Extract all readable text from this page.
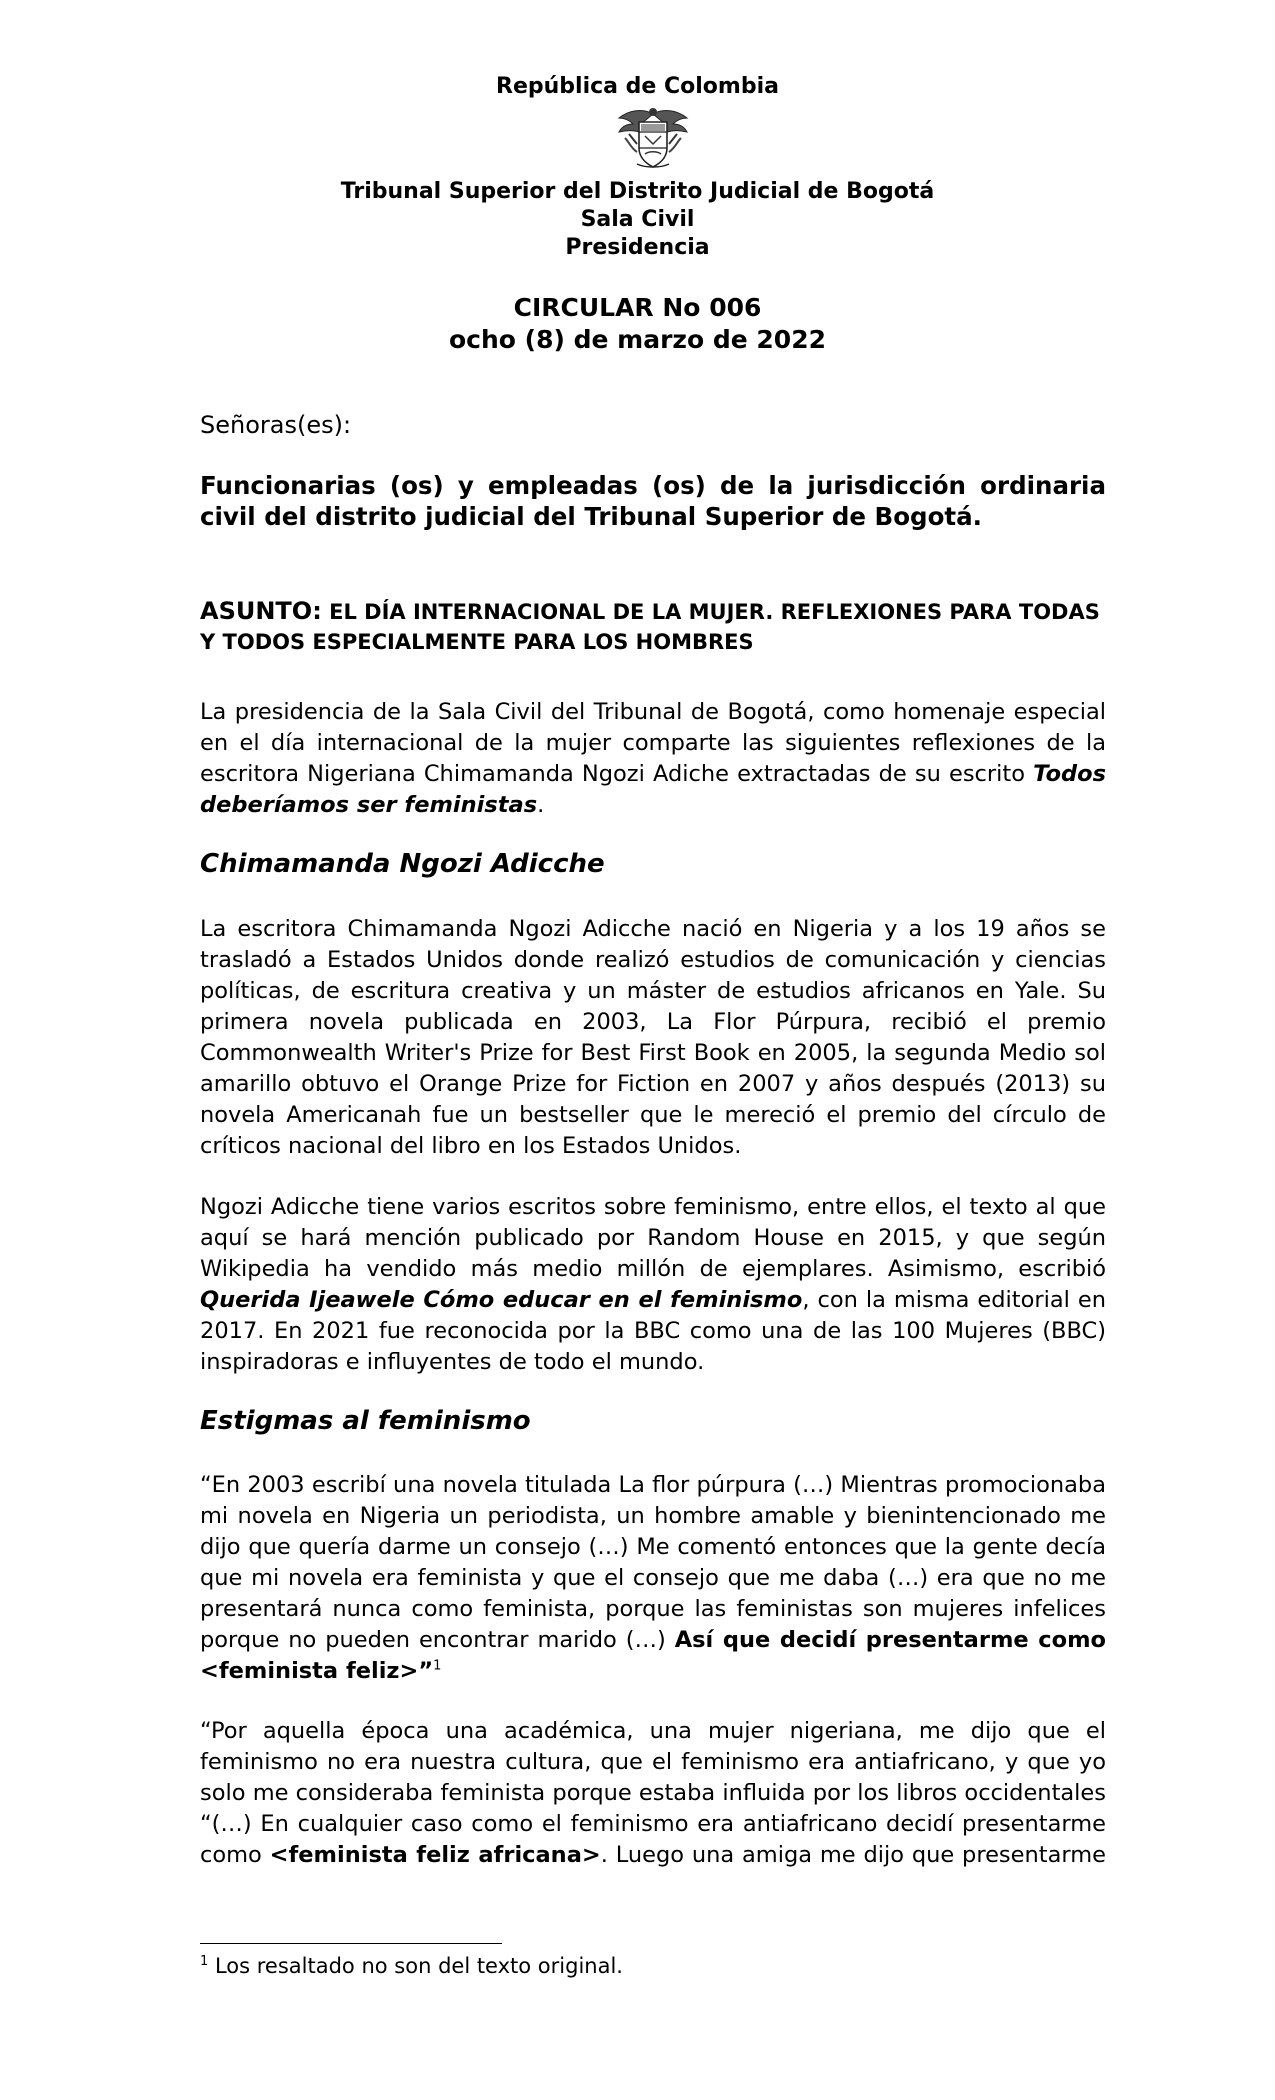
República de Colombia
Tribunal Superior del Distrito Judicial de Bogotá
Sala Civil
Presidencia
CIRCULAR No 006
ocho (8) de marzo de 2022
Señoras(es):
Funcionarias (os) y empleadas (os) de la jurisdicción ordinaria civil del distrito judicial del Tribunal Superior de Bogotá.
ASUNTO: EL DÍA INTERNACIONAL DE LA MUJER. REFLEXIONES PARA TODAS Y TODOS ESPECIALMENTE PARA LOS HOMBRES
La presidencia de la Sala Civil del Tribunal de Bogotá, como homenaje especial en el día internacional de la mujer comparte las siguientes reflexiones de la escritora Nigeriana Chimamanda Ngozi Adiche extractadas de su escrito Todos deberíamos ser feministas.
Chimamanda Ngozi Adicche
La escritora Chimamanda Ngozi Adicche nació en Nigeria y a los 19 años se trasladó a Estados Unidos donde realizó estudios de comunicación y ciencias políticas, de escritura creativa y un máster de estudios africanos en Yale. Su primera novela publicada en 2003, La Flor Púrpura, recibió el premio Commonwealth Writer's Prize for Best First Book en 2005, la segunda Medio sol amarillo obtuvo el Orange Prize for Fiction en 2007 y años después (2013) su novela Americanah fue un bestseller que le mereció el premio del círculo de críticos nacional del libro en los Estados Unidos.
Ngozi Adicche tiene varios escritos sobre feminismo, entre ellos, el texto al que aquí se hará mención publicado por Random House en 2015, y que según Wikipedia ha vendido más medio millón de ejemplares. Asimismo, escribió Querida Ijeawele Cómo educar en el feminismo, con la misma editorial en 2017. En 2021 fue reconocida por la BBC como una de las 100 Mujeres (BBC) inspiradoras e influyentes de todo el mundo.
Estigmas al feminismo
“En 2003 escribí una novela titulada La flor púrpura (…) Mientras promocionaba mi novela en Nigeria un periodista, un hombre amable y bienintencionado me dijo que quería darme un consejo (…) Me comentó entonces que la gente decía que mi novela era feminista y que el consejo que me daba (…) era que no me presentará nunca como feminista, porque las feministas son mujeres infelices porque no pueden encontrar marido (…) Así que decidí presentarme como <feminista feliz>”$^1$
“Por aquella época una académica, una mujer nigeriana, me dijo que el feminismo no era nuestra cultura, que el feminismo era antiafricano, y que yo solo me consideraba feminista porque estaba influida por los libros occidentales “(…) En cualquier caso como el feminismo era antiafricano decidí presentarme como <feminista feliz africana>. Luego una amiga me dijo que presentarme
$^1$ Los resaltado no son del texto original.
